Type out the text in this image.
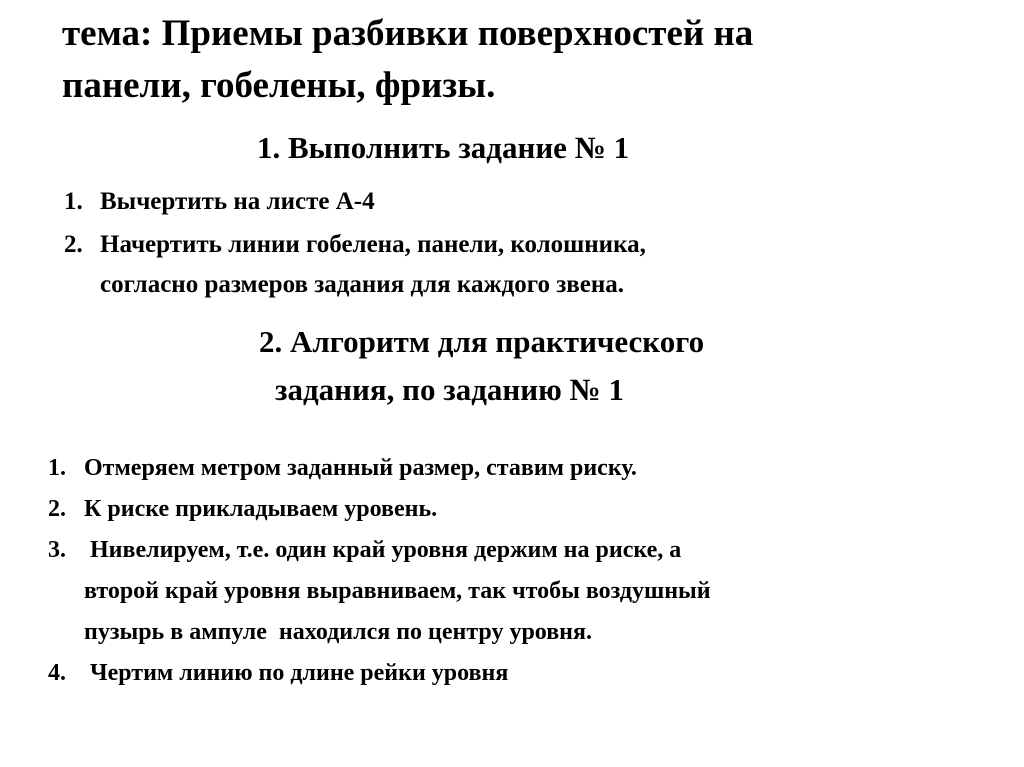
тема: Приемы разбивки поверхностей на
панели, гобелены, фризы.
1. Выполнить задание № 1
1. Вычертить на листе А-4
2. Начертить линии гобелена, панели, колошника,
согласно размеров задания для каждого звена.
2. Алгоритм для практического
задания, по заданию № 1
1. Отмеряем метром заданный размер, ставим риску.
2. К риске прикладываем уровень.
3. Нивелируем, т.е. один край уровня держим на риске, а
второй край уровня выравниваем, так чтобы воздушный
пузырь в ампуле  находился по центру уровня.
4. Чертим линию по длине рейки уровня
